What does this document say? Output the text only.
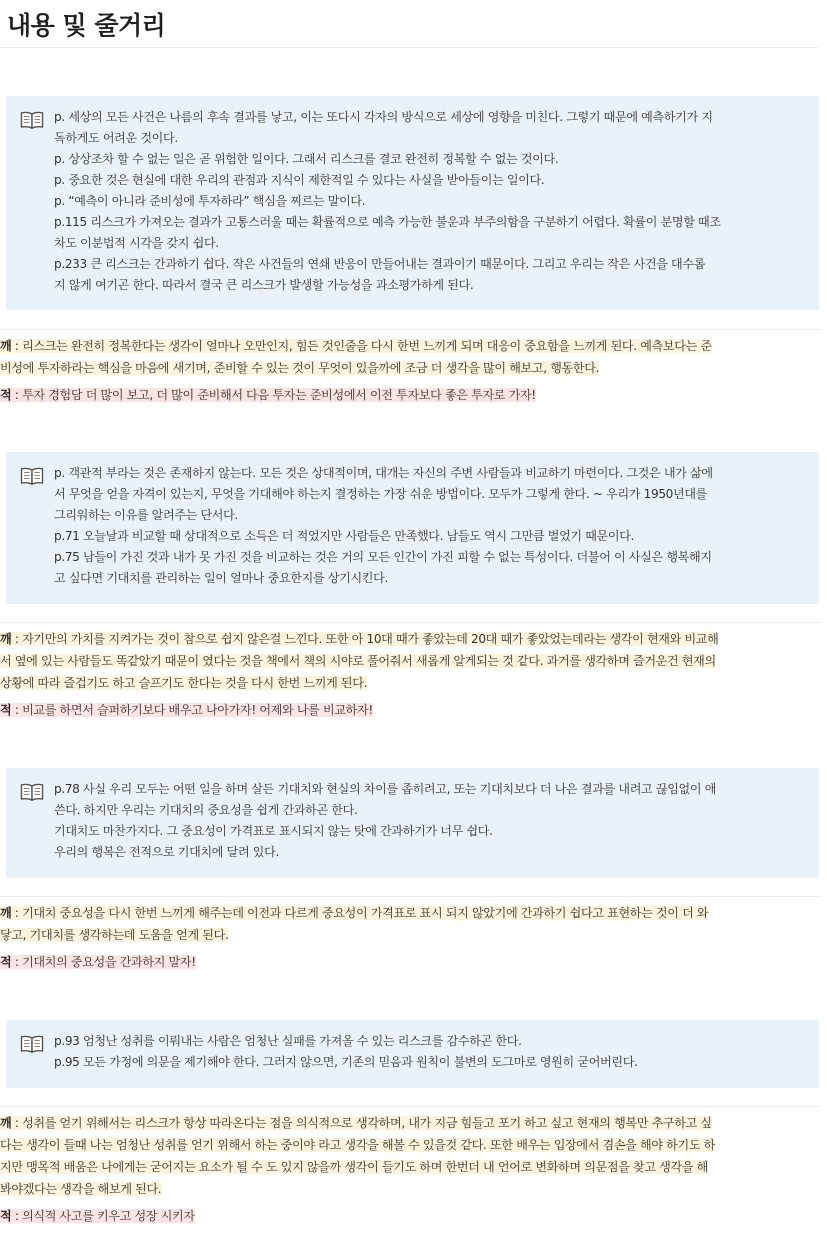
내용 및 줄거리

p. 세상의 모든 사건은 나름의 후속 결과를 낳고, 이는 또다시 각자의 방식으로 세상에 영향을 미친다. 그렇기 때문에 예측하기가 지

독하게도 어려운 것이다.

p. 상상조차 할 수 없는 일은 곧 위험한 일이다. 그래서 리스크를 결코 완전히 정복할 수 없는 것이다.

p. 중요한 것은 현실에 대한 우리의 관점과 지식이 제한적일 수 있다는 사실을 받아들이는 일이다.

p. “예측이 아니라 준비성에 투자하라” 핵심을 찌르는 말이다.

p.115 리스크가 가져오는 결과가 고통스러울 때는 확률적으로 예측 가능한 불운과 부주의함을 구분하기 어렵다. 확률이 분명할 때조

차도 이분법적 시각을 갖지 쉽다.

p.233 큰 리스크는 간과하기 쉽다. 작은 사건들의 연쇄 반응이 만들어내는 결과이기 때문이다. 그리고 우리는 작은 사건을 대수롭

지 않게 여기곤 한다. 따라서 결국 큰 리스크가 발생할 가능성을 과소평가하게 된다.

깨 : 리스크는 완전히 정복한다는 생각이 얼마나 오만인지, 힘든 것인줄을 다시 한번 느끼게 되며 대응이 중요함을 느끼게 된다. 예측보다는 준

비성에 투자하라는 핵심을 마음에 새기며, 준비할 수 있는 것이 무엇이 있을까에 조금 더 생각을 많이 해보고, 행동한다.

적 : 투자 경험담 더 많이 보고, 더 많이 준비해서 다음 투자는 준비성에서 이전 투자보다 좋은 투자로 가자!

p. 객관적 부라는 것은 존재하지 않는다. 모든 것은 상대적이며, 대개는 자신의 주변 사람들과 비교하기 마련이다. 그것은 내가 삶에

서 무엇을 얻을 자격이 있는지, 무엇을 기대해야 하는지 결정하는 가장 쉬운 방법이다. 모두가 그렇게 한다. ~ 우리가 1950년대를

그리워하는 이유를 알려주는 단서다.

p.71 오늘날과 비교할 때 상대적으로 소득은 더 적었지만 사람들은 만족했다. 남들도 역시 그만큼 벌었기 때문이다.

p.75 남들이 가진 것과 내가 못 가진 것을 비교하는 것은 거의 모든 인간이 가진 피할 수 없는 특성이다. 더불어 이 사실은 행복해지

고 싶다면 기대치를 관리하는 일이 얼마나 중요한지를 상기시킨다.

깨 : 자기만의 가치를 지켜가는 것이 참으로 쉽지 않은걸 느낀다. 또한 아 10대 때가 좋았는데 20대 때가 좋았었는데라는 생각이 현재와 비교해

서 옆에 있는 사람들도 똑같았기 때문이 였다는 것을 책에서 책의 시야로 풀어줘서 새롭게 알게되는 것 같다. 과거를 생각하며 즐거운건 현재의

상황에 따라 즐겁기도 하고 슬프기도 한다는 것을 다시 한번 느끼게 된다.

적 : 비교를 하면서 슬퍼하기보다 배우고 나아가자! 어제와 나를 비교하자!

p.78 사실 우리 모두는 어떤 일을 하며 살든 기대치와 현실의 차이를 좁히려고, 또는 기대치보다 더 나은 결과를 내려고 끊임없이 애

쓴다. 하지만 우리는 기대치의 중요성을 쉽게 간과하곤 한다.

기대치도 마찬가지다. 그 중요성이 가격표로 표시되지 않는 탓에 간과하기가 너무 쉽다.

우리의 행복은 전적으로 기대치에 달려 있다.

깨 : 기대치 중요성을 다시 한번 느끼게 해주는데 이전과 다르게 중요성이 가격표로 표시 되지 않았기에 간과하기 쉽다고 표현하는 것이 더 와

닿고, 기대치를 생각하는데 도움을 얻게 된다.

적 : 기대치의 중요성을 간과하지 말자!

p.93 엄청난 성취를 이뤄내는 사람은 엄청난 실패를 가져올 수 있는 리스크를 감수하곤 한다.

p.95 모든 가정에 의문을 제기해야 한다. 그러지 않으면, 기존의 믿음과 원칙이 불변의 도그마로 영원히 굳어버린다.

깨 : 성취를 얻기 위해서는 리스크가 항상 따라온다는 점을 의식적으로 생각하며, 내가 지금 힘들고 포기 하고 싶고 현재의 행복만 추구하고 싶

다는 생각이 들때 나는 엄청난 성취를 얻기 위해서 하는 중이야 라고 생각을 해볼 수 있을것 같다. 또한 배우는 입장에서 겸손을 해야 하기도 하

지만 맹목적 배움은 나에게는 굳어지는 요소가 될 수 도 있지 않을까 생각이 들기도 하며 한번더 내 언어로 변화하며 의문점을 찾고 생각을 해

봐야겠다는 생각을 해보게 된다.

적 : 의식적 사고를 키우고 성장 시키자
